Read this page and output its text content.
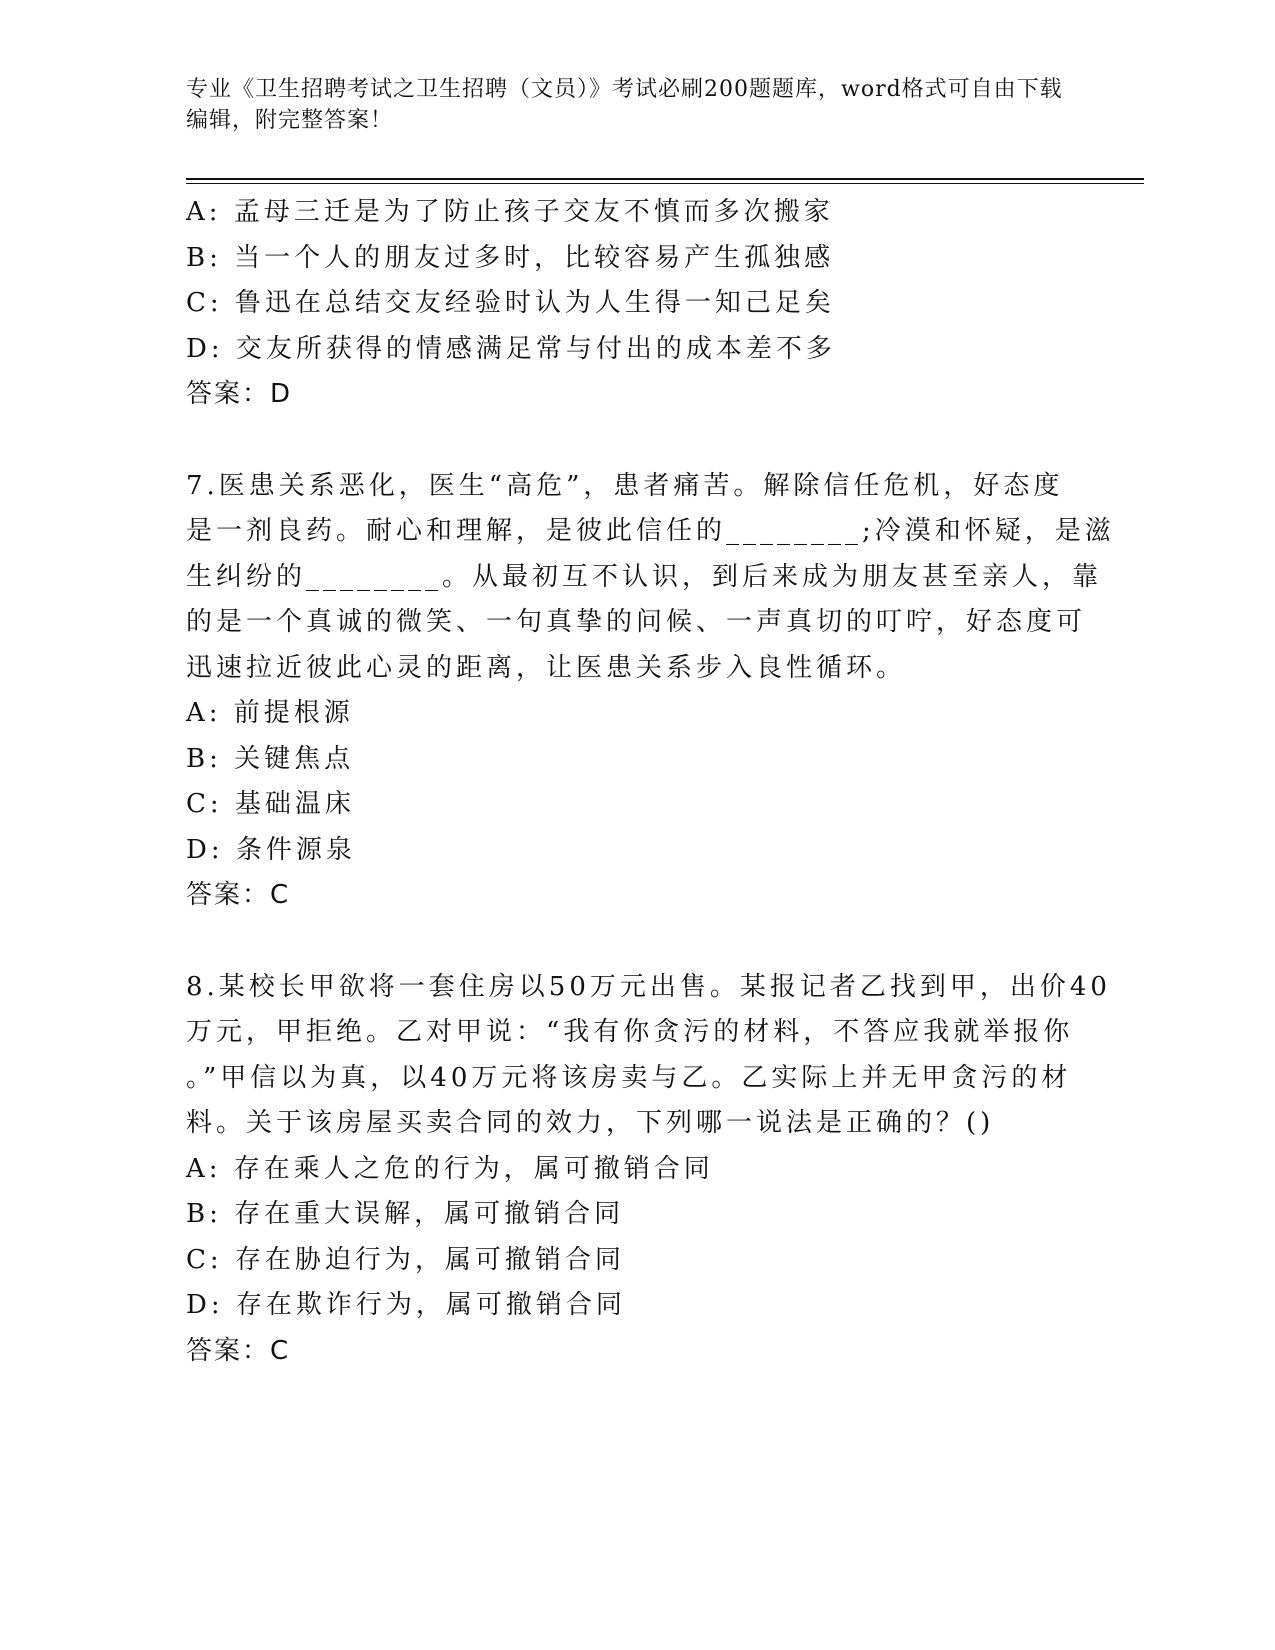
专业《卫生招聘考试之卫生招聘（文员）》考试必刷200题题库，word格式可自由下载编辑，附完整答案！
A: 孟母三迁是为了防止孩子交友不慎而多次搬家
B: 当一个人的朋友过多时，比较容易产生孤独感
C: 鲁迅在总结交友经验时认为人生得一知己足矣
D: 交友所获得的情感满足常与付出的成本差不多
答案：D
7.医患关系恶化，医生“高危”，患者痛苦。解除信任危机，好态度
是一剂良药。耐心和理解，是彼此信任的________;冷漠和怀疑，是滋
生纠纷的________。从最初互不认识，到后来成为朋友甚至亲人，靠
的是一个真诚的微笑、一句真挚的问候、一声真切的叮咛，好态度可
迅速拉近彼此心灵的距离，让医患关系步入良性循环。
A: 前提根源
B: 关键焦点
C: 基础温床
D: 条件源泉
答案：C
8.某校长甲欲将一套住房以50万元出售。某报记者乙找到甲，出价40
万元，甲拒绝。乙对甲说：“我有你贪污的材料，不答应我就举报你
。”甲信以为真，以40万元将该房卖与乙。乙实际上并无甲贪污的材
料。关于该房屋买卖合同的效力，下列哪一说法是正确的？()
A: 存在乘人之危的行为，属可撤销合同
B: 存在重大误解，属可撤销合同
C: 存在胁迫行为，属可撤销合同
D: 存在欺诈行为，属可撤销合同
答案：C
